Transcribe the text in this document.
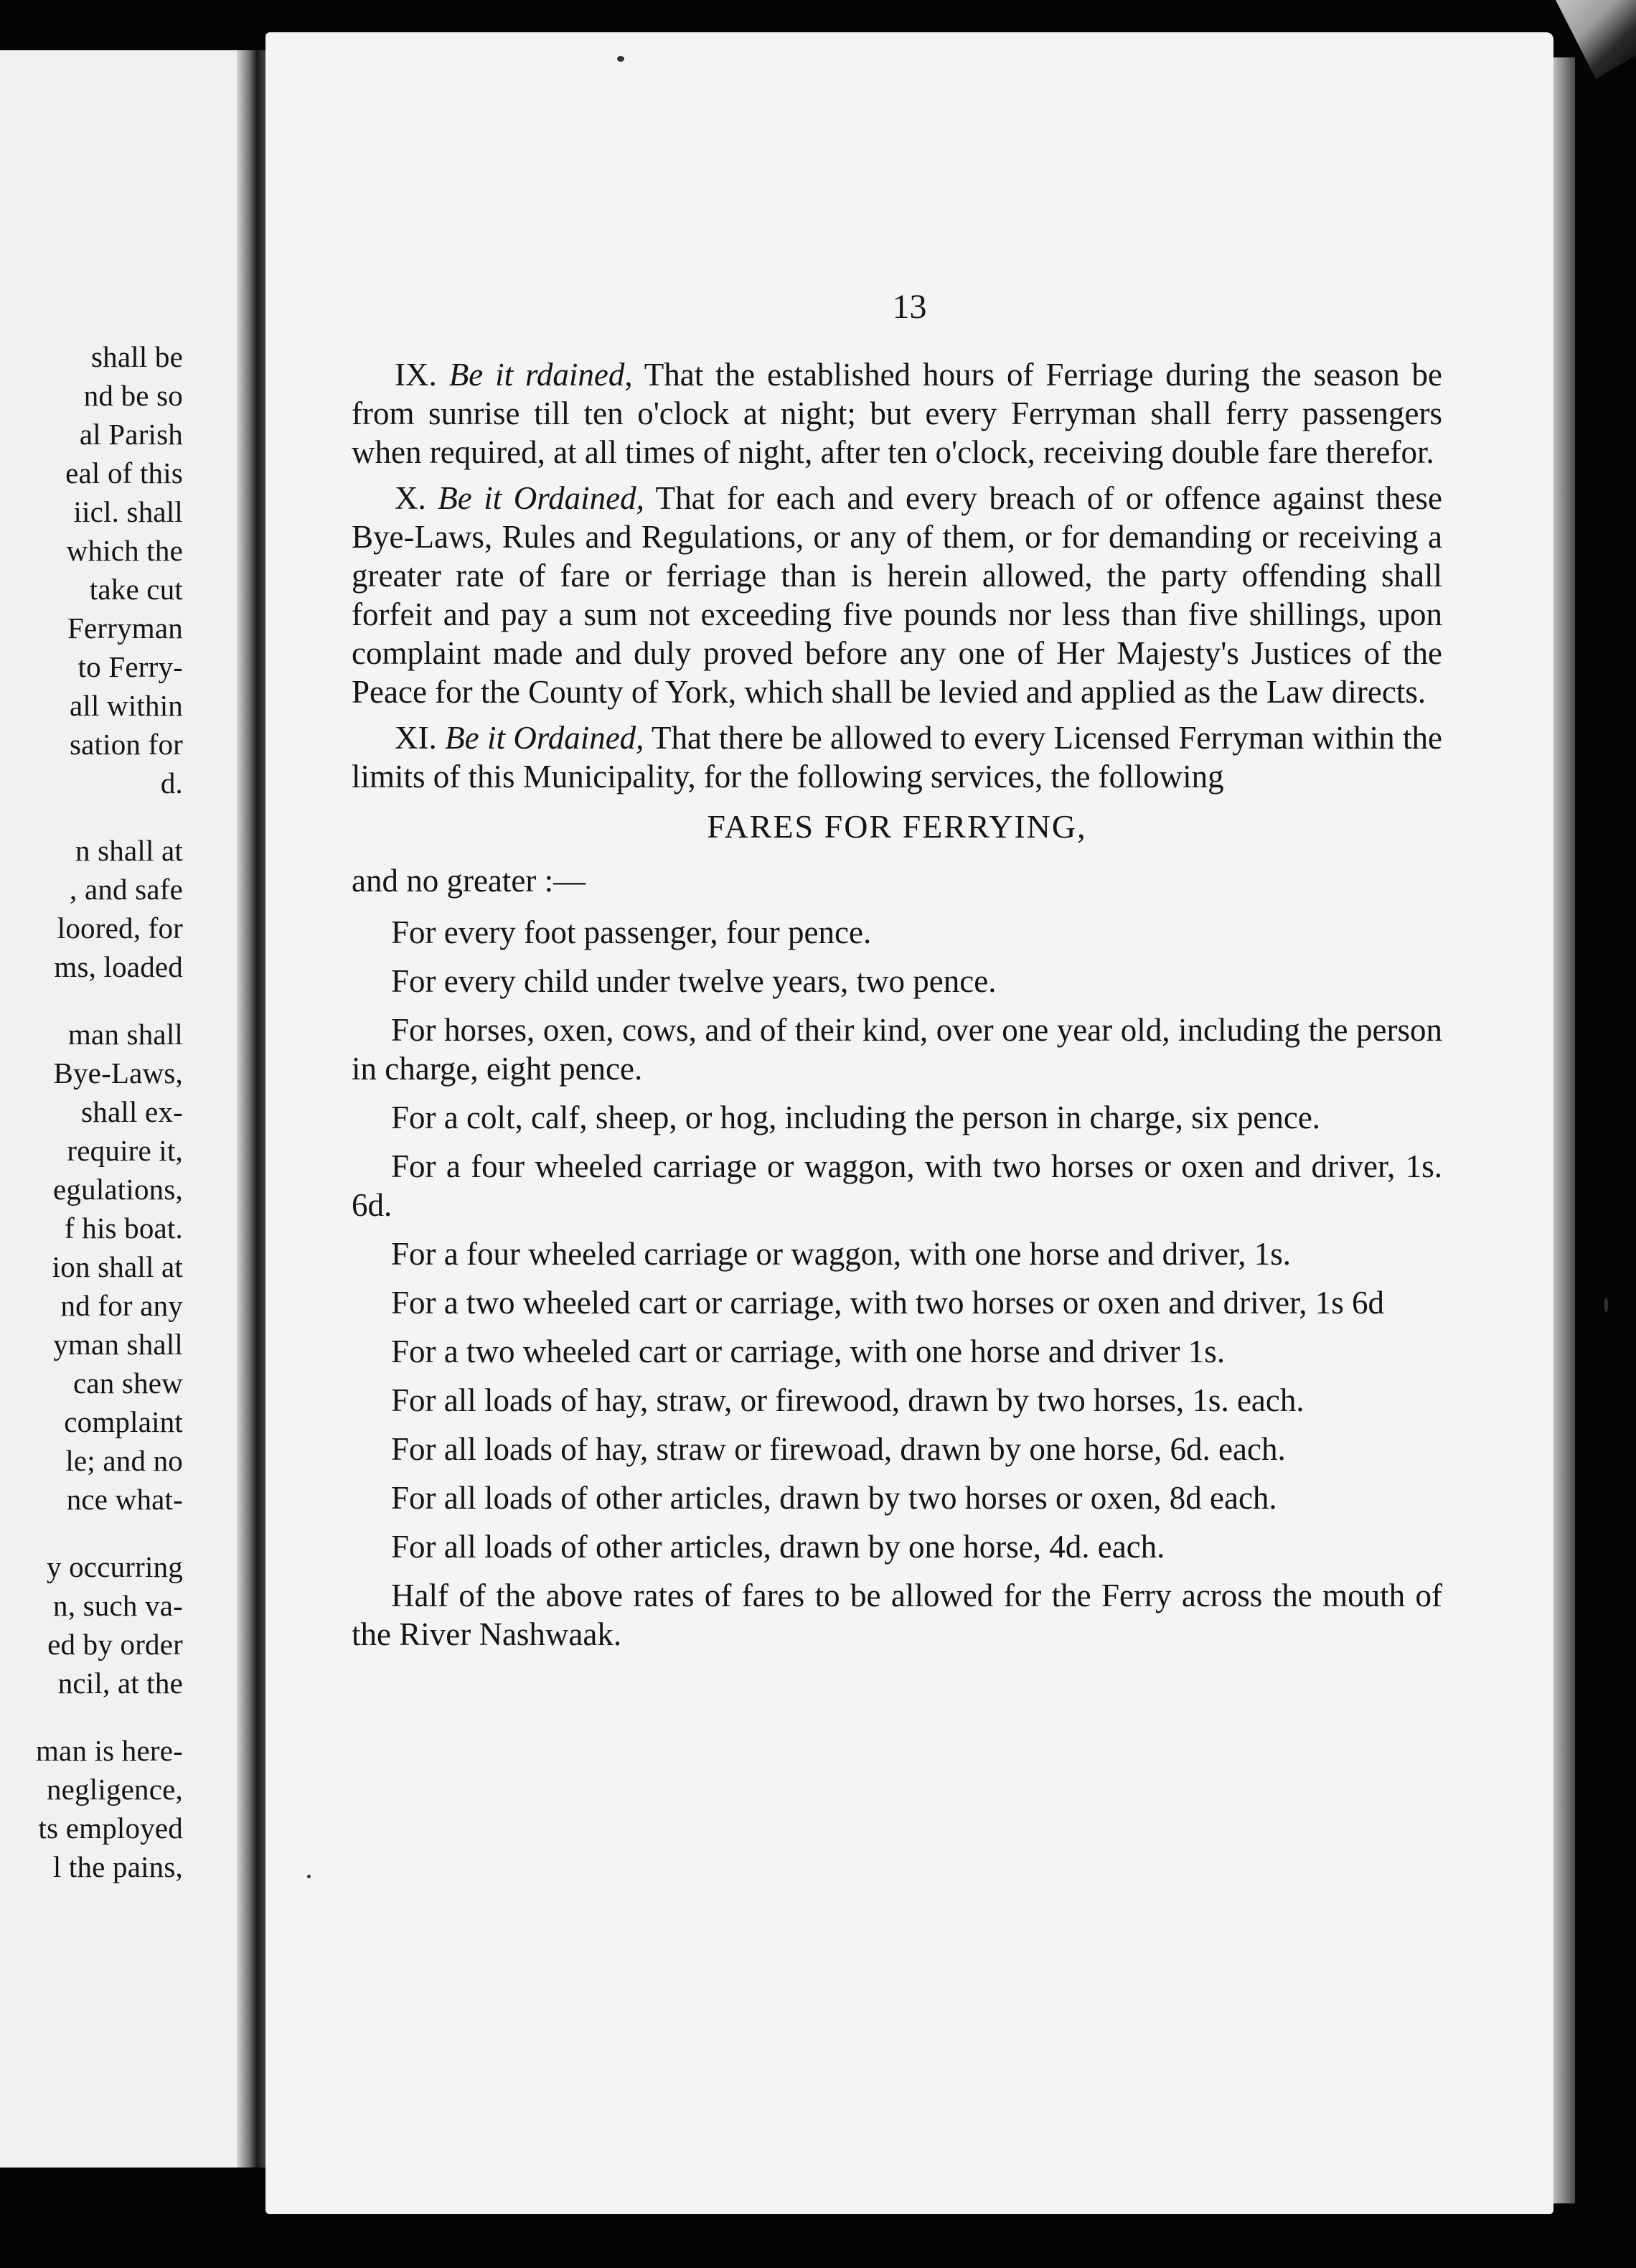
shall be
nd be so
al Parish
eal of this
iicl. shall
which the
take cut
Ferryman
to Ferry-
all within
sation for
d.
n shall at
, and safe
loored, for
ms, loaded
man shall
Bye-Laws,
shall ex-
require it,
egulations,
f his boat.
ion shall at
nd for any
yman shall
can shew
complaint
le; and no
nce what-
y occurring
n, such va-
ed by order
ncil, at the
man is here-
negligence,
ts employed
l the pains,
13

IX. Be it rdained, That the established hours of Ferriage during the season be from sunrise till ten o'clock at night; but every Ferryman shall ferry passengers when required, at all times of night, after ten o'clock, receiving double fare therefor.

X. Be it Ordained, That for each and every breach of or offence against these Bye-Laws, Rules and Regulations, or any of them, or for demanding or receiving a greater rate of fare or ferriage than is herein allowed, the party offending shall forfeit and pay a sum not exceeding five pounds nor less than five shillings, upon complaint made and duly proved before any one of Her Majesty's Justices of the Peace for the County of York, which shall be levied and applied as the Law directs.

XI. Be it Ordained, That there be allowed to every Licensed Ferryman within the limits of this Municipality, for the following services, the following

FARES FOR FERRYING,
and no greater :—

For every foot passenger, four pence.

For every child under twelve years, two pence.

For horses, oxen, cows, and of their kind, over one year old, including the person in charge, eight pence.

For a colt, calf, sheep, or hog, including the person in charge, six pence.

For a four wheeled carriage or waggon, with two horses or oxen and driver, 1s. 6d.

For a four wheeled carriage or waggon, with one horse and driver, 1s.

For a two wheeled cart or carriage, with two horses or oxen and driver, 1s 6d

For a two wheeled cart or carriage, with one horse and driver 1s.

For all loads of hay, straw, or firewood, drawn by two horses, 1s. each.

For all loads of hay, straw or firewoad, drawn by one horse, 6d. each.

For all loads of other articles, drawn by two horses or oxen, 8d each.

For all loads of other articles, drawn by one horse, 4d. each.

Half of the above rates of fares to be allowed for the Ferry across the mouth of the River Nashwaak.
